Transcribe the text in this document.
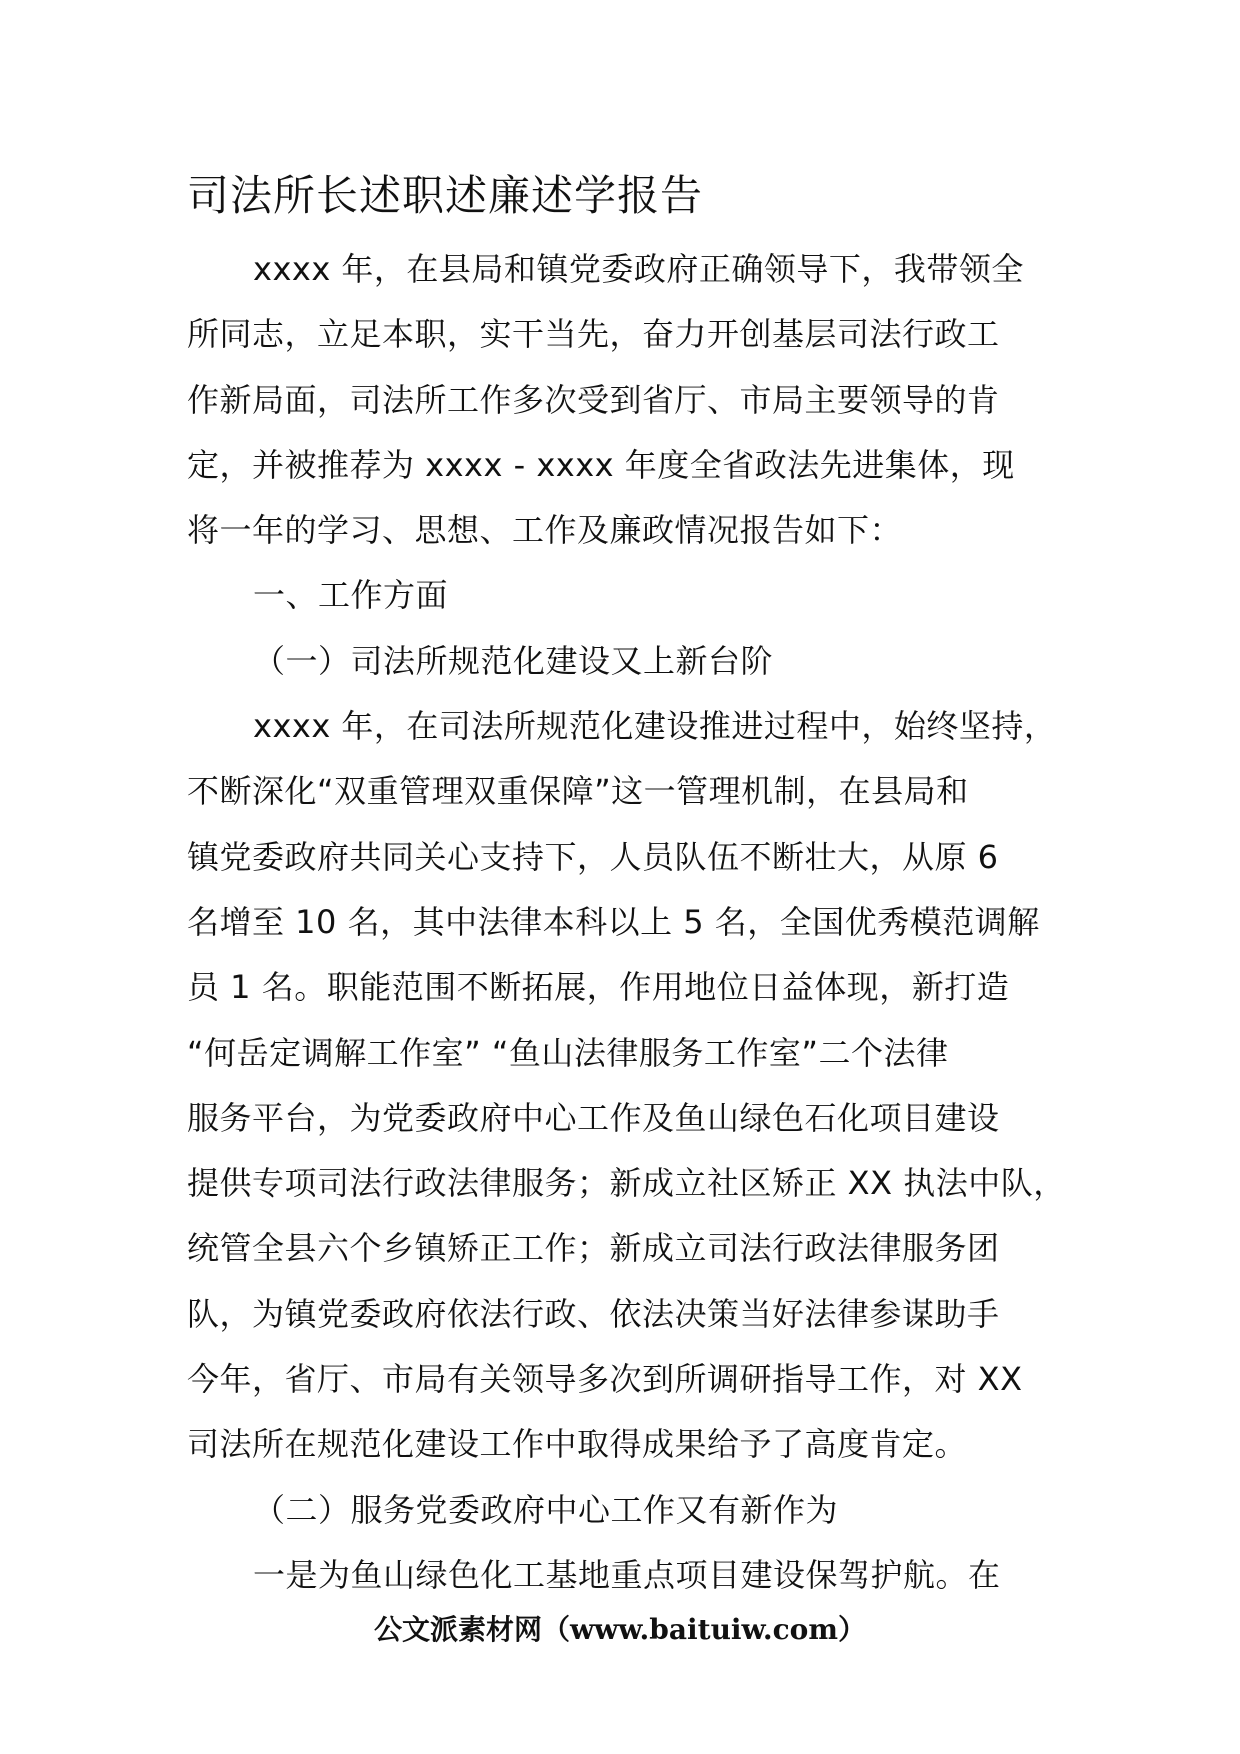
司法所长述职述廉述学报告
xxxx 年，在县局和镇党委政府正确领导下，我带领全
所同志，立足本职，实干当先，奋力开创基层司法行政工
作新局面，司法所工作多次受到省厅、市局主要领导的肯
定，并被推荐为 xxxx - xxxx 年度全省政法先进集体，现
将一年的学习、思想、工作及廉政情况报告如下：
一、工作方面
（一）司法所规范化建设又上新台阶
xxxx 年，在司法所规范化建设推进过程中，始终坚持，
不断深化“双重管理双重保障”这一管理机制，在县局和
镇党委政府共同关心支持下，人员队伍不断壮大，从原 6
名增至 10 名，其中法律本科以上 5 名，全国优秀模范调解
员 1 名。职能范围不断拓展，作用地位日益体现，新打造
“何岳定调解工作室” “鱼山法律服务工作室”二个法律
服务平台，为党委政府中心工作及鱼山绿色石化项目建设
提供专项司法行政法律服务；新成立社区矫正 XX 执法中队，
统管全县六个乡镇矫正工作；新成立司法行政法律服务团
队，为镇党委政府依法行政、依法决策当好法律参谋助手
今年，省厅、市局有关领导多次到所调研指导工作，对 XX
司法所在规范化建设工作中取得成果给予了高度肯定。
（二）服务党委政府中心工作又有新作为
一是为鱼山绿色化工基地重点项目建设保驾护航。在
公文派素材网（www.baituiw.com）
